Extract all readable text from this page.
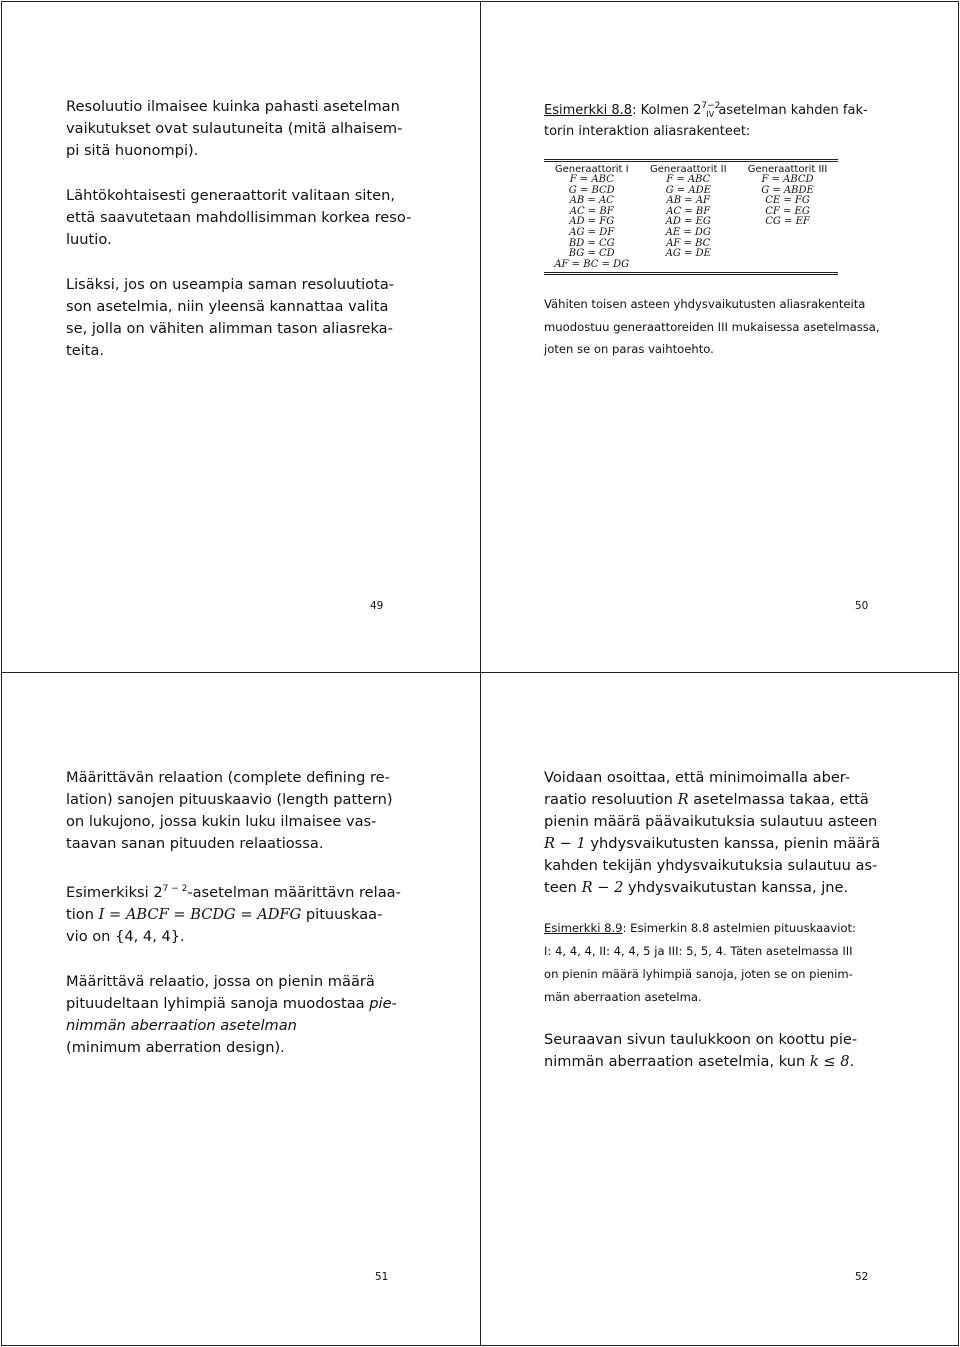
Resoluutio ilmaisee kuinka pahasti asetelman
vaikutukset ovat sulautuneita (mitä alhaisem-
pi sitä huonompi).

Lähtökohtaisesti generaattorit valitaan siten,
että saavutetaan mahdollisimman korkea reso-
luutio.

Lisäksi, jos on useampia saman resoluutiota-
son asetelmia, niin yleensä kannattaa valita
se, jolla on vähiten alimman tason aliasreka-
teita.

49

Esimerkki 8.8: Kolmen $2^{7-2}_{IV}$ asetelman kahden fak-
torin interaktion aliasrakenteet:

Generaattorit I	Generaattorit II	Generaattorit III
F = ABC	F = ABC	F = ABCD
G = BCD	G = ADE	G = ABDE
AB = AC	AB = AF	CE = FG
AC = BF	AC = BF	CF = EG
AD = FG	AD = EG	CG = EF
AG = DF	AE = DG	
BD = CG	AF = BC	
BG = CD	AG = DE	
AF = BC = DG		

Vähiten toisen asteen yhdysvaikutusten aliasrakenteita
muodostuu generaattoreiden III mukaisessa asetelmassa,
joten se on paras vaihtoehto.

50

Määrittävän relaation (complete defining re-
lation) sanojen pituuskaavio (length pattern)
on lukujono, jossa kukin luku ilmaisee vas-
taavan sanan pituuden relaatiossa.

Esimerkiksi $2^{7 - 2}$-asetelman määrittävn relaa-
tion I = ABCF = BCDG = ADFG pituuskaa-
vio on {4, 4, 4}.

Määrittävä relaatio, jossa on pienin määrä
pituudeltaan lyhimpiä sanoja muodostaa pie-
nimmän aberraation asetelman
(minimum aberration design).

51

Voidaan osoittaa, että minimoimalla aber-
raatio resoluution R asetelmassa takaa, että
pienin määrä päävaikutuksia sulautuu asteen
R − 1 yhdysvaikutusten kanssa, pienin määrä
kahden tekijän yhdysvaikutuksia sulautuu as-
teen R − 2 yhdysvaikutustan kanssa, jne.

Esimerkki 8.9: Esimerkin 8.8 astelmien pituuskaaviot:
I: 4, 4, 4, II: 4, 4, 5 ja III: 5, 5, 4. Täten asetelmassa III
on pienin määrä lyhimpiä sanoja, joten se on pienim-
män aberraation asetelma.

Seuraavan sivun taulukkoon on koottu pie-
nimmän aberraation asetelmia, kun k ≤ 8.

52
